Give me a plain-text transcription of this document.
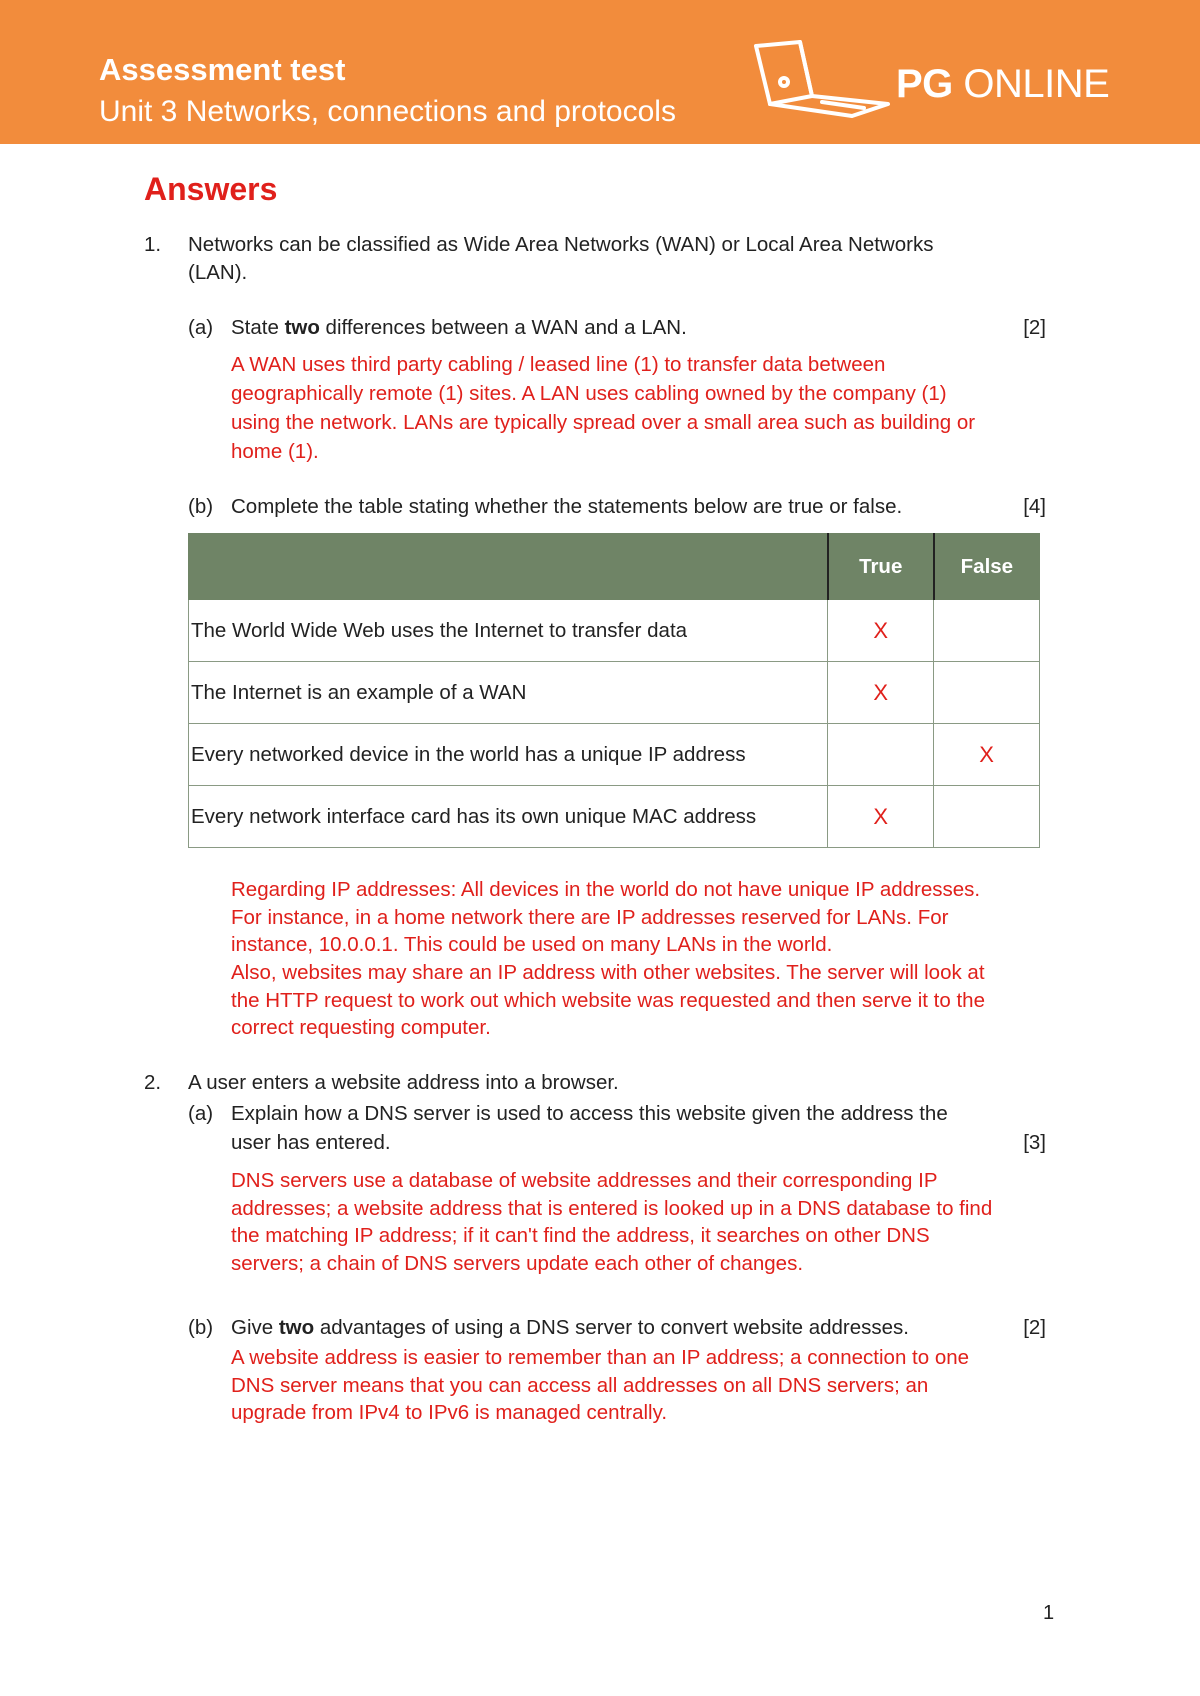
Assessment test
Unit 3 Networks, connections and protocols
PG ONLINE
Answers
1. Networks can be classified as Wide Area Networks (WAN) or Local Area Networks
(LAN).
(a) State two differences between a WAN and a LAN.	[2]
A WAN uses third party cabling / leased line (1) to transfer data between
geographically remote (1) sites. A LAN uses cabling owned by the company (1)
using the network. LANs are typically spread over a small area such as building or
home (1).
(b) Complete the table stating whether the statements below are true or false.	[4]
	True	False
The World Wide Web uses the Internet to transfer data	X	
The Internet is an example of a WAN	X	
Every networked device in the world has a unique IP address		X
Every network interface card has its own unique MAC address	X	
Regarding IP addresses: All devices in the world do not have unique IP addresses.
For instance, in a home network there are IP addresses reserved for LANs. For
instance, 10.0.0.1. This could be used on many LANs in the world.
Also, websites may share an IP address with other websites. The server will look at
the HTTP request to work out which website was requested and then serve it to the
correct requesting computer.
2. A user enters a website address into a browser.
(a) Explain how a DNS server is used to access this website given the address the
user has entered.	[3]
DNS servers use a database of website addresses and their corresponding IP
addresses; a website address that is entered is looked up in a DNS database to find
the matching IP address; if it can't find the address, it searches on other DNS
servers; a chain of DNS servers update each other of changes.
(b) Give two advantages of using a DNS server to convert website addresses.	[2]
A website address is easier to remember than an IP address; a connection to one
DNS server means that you can access all addresses on all DNS servers; an
upgrade from IPv4 to IPv6 is managed centrally.
1
